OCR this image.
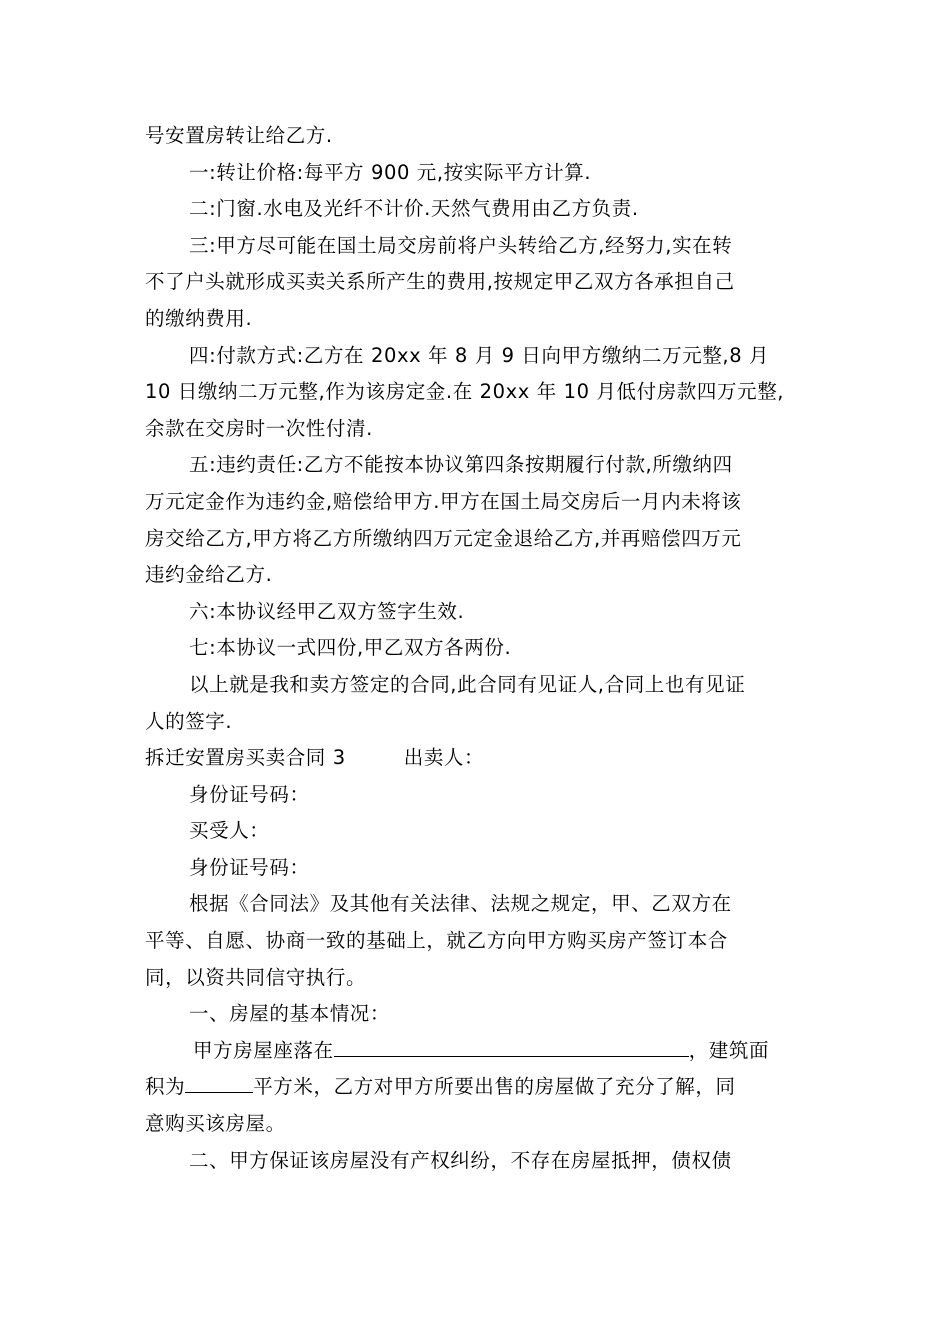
号安置房转让给乙方.
一:转让价格:每平方 900 元,按实际平方计算.
二:门窗.水电及光纤不计价.天然气费用由乙方负责.
三:甲方尽可能在国土局交房前将户头转给乙方,经努力,实在转
不了户头就形成买卖关系所产生的费用,按规定甲乙双方各承担自己
的缴纳费用.
四:付款方式:乙方在 20xx 年 8 月 9 日向甲方缴纳二万元整,8 月
10 日缴纳二万元整,作为该房定金.在 20xx 年 10 月低付房款四万元整,
余款在交房时一次性付清.
五:违约责任:乙方不能按本协议第四条按期履行付款,所缴纳四
万元定金作为违约金,赔偿给甲方.甲方在国土局交房后一月内未将该
房交给乙方,甲方将乙方所缴纳四万元定金退给乙方,并再赔偿四万元
违约金给乙方.
六:本协议经甲乙双方签字生效.
七:本协议一式四份,甲乙双方各两份.
以上就是我和卖方签定的合同,此合同有见证人,合同上也有见证
人的签字.
拆迁安置房买卖合同 3	出卖人：
身份证号码：
买受人：
身份证号码：
根据《合同法》及其他有关法律、法规之规定，甲、乙双方在
平等、自愿、协商一致的基础上，就乙方向甲方购买房产签订本合
同，以资共同信守执行。
一、房屋的基本情况：
甲方房屋座落在	，建筑面
积为	平方米，乙方对甲方所要出售的房屋做了充分了解，同
意购买该房屋。
二、甲方保证该房屋没有产权纠纷，不存在房屋抵押，债权债
